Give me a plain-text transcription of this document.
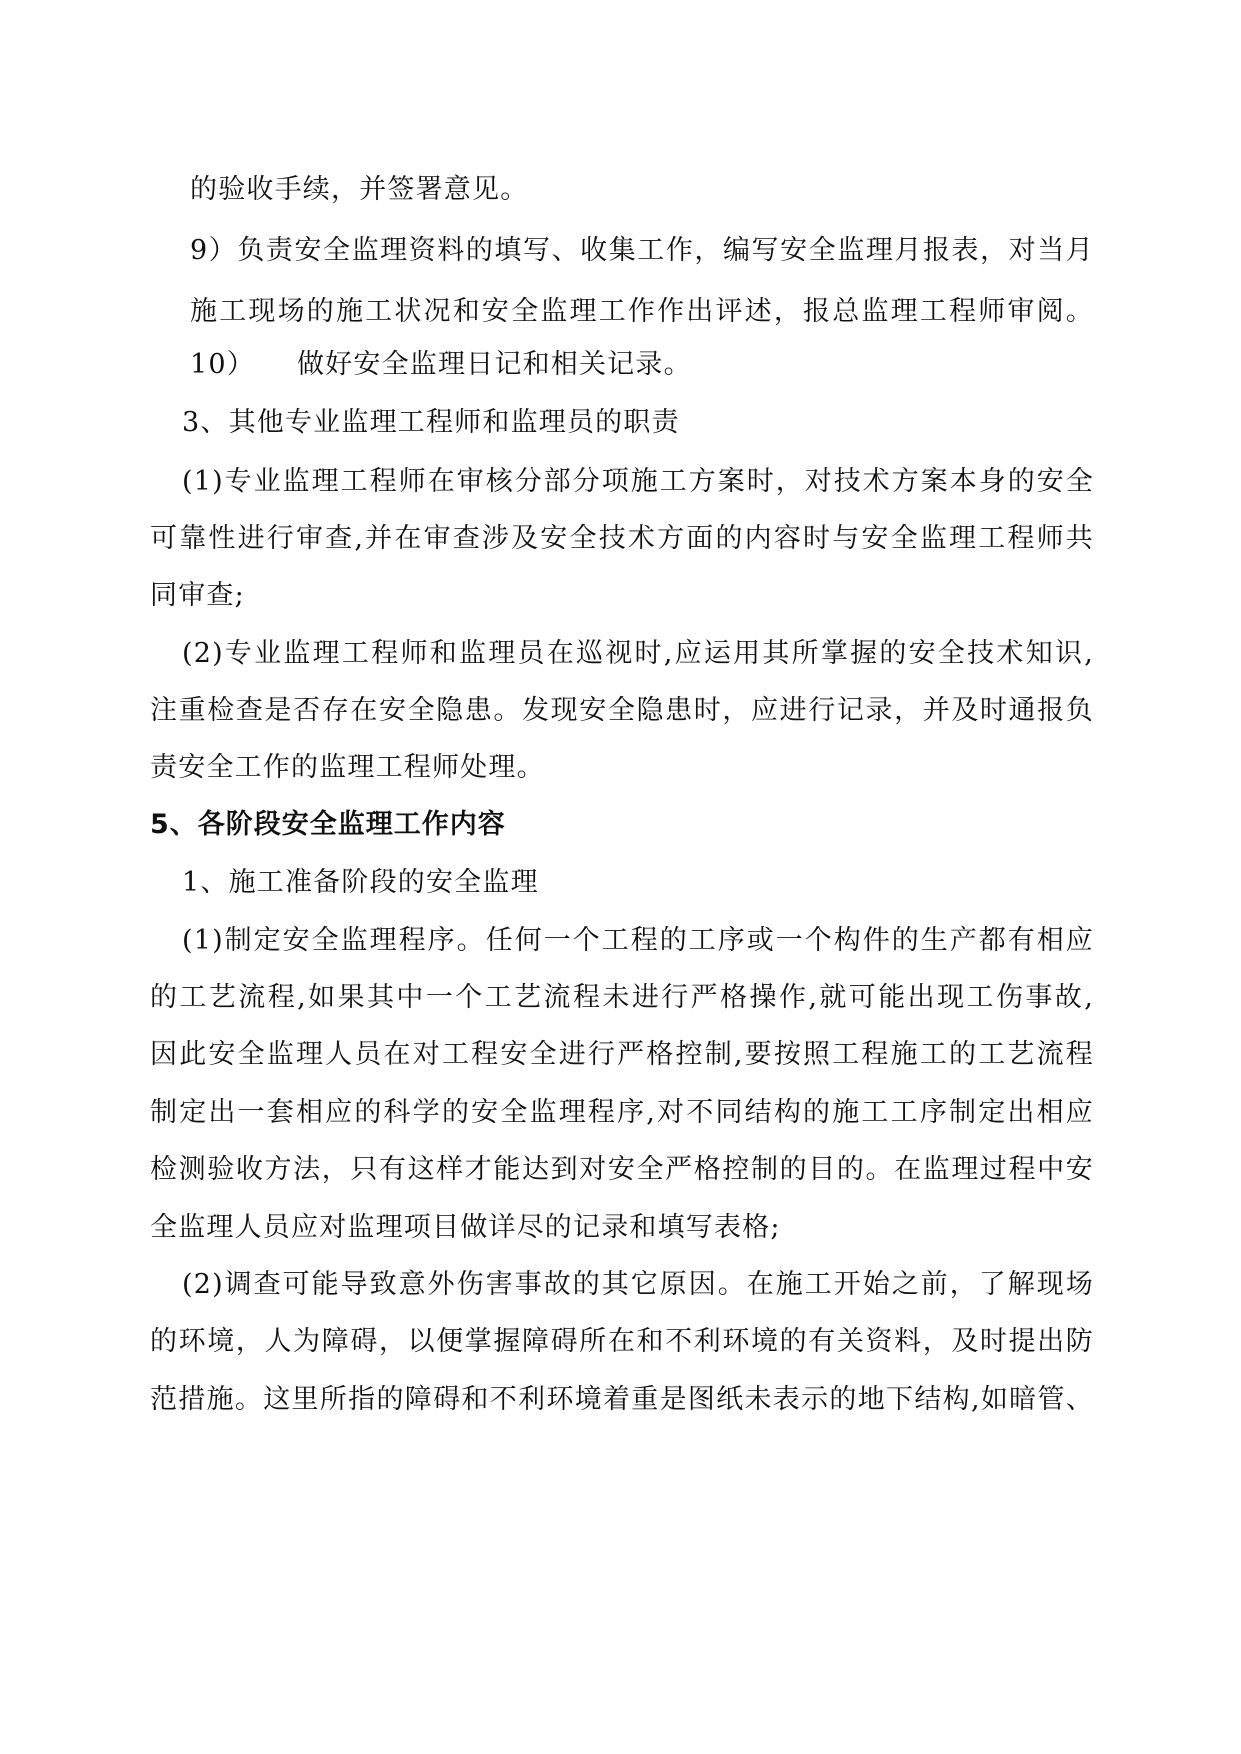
的验收手续，并签署意见。
9）负责安全监理资料的填写、收集工作，编写安全监理月报表，对当月
施工现场的施工状况和安全监理工作作出评述，报总监理工程师审阅。
10） 做好安全监理日记和相关记录。
3、其他专业监理工程师和监理员的职责
(1)专业监理工程师在审核分部分项施工方案时，对技术方案本身的安全
可靠性进行审查,并在审查涉及安全技术方面的内容时与安全监理工程师共
同审查;
(2)专业监理工程师和监理员在巡视时,应运用其所掌握的安全技术知识,
注重检查是否存在安全隐患。发现安全隐患时，应进行记录，并及时通报负
责安全工作的监理工程师处理。
5、各阶段安全监理工作内容
1、施工准备阶段的安全监理
(1)制定安全监理程序。任何一个工程的工序或一个构件的生产都有相应
的工艺流程,如果其中一个工艺流程未进行严格操作,就可能出现工伤事故,
因此安全监理人员在对工程安全进行严格控制,要按照工程施工的工艺流程
制定出一套相应的科学的安全监理程序,对不同结构的施工工序制定出相应
检测验收方法，只有这样才能达到对安全严格控制的目的。在监理过程中安
全监理人员应对监理项目做详尽的记录和填写表格;
(2)调查可能导致意外伤害事故的其它原因。在施工开始之前，了解现场
的环境，人为障碍，以便掌握障碍所在和不利环境的有关资料，及时提出防
范措施。这里所指的障碍和不利环境着重是图纸未表示的地下结构,如暗管、
